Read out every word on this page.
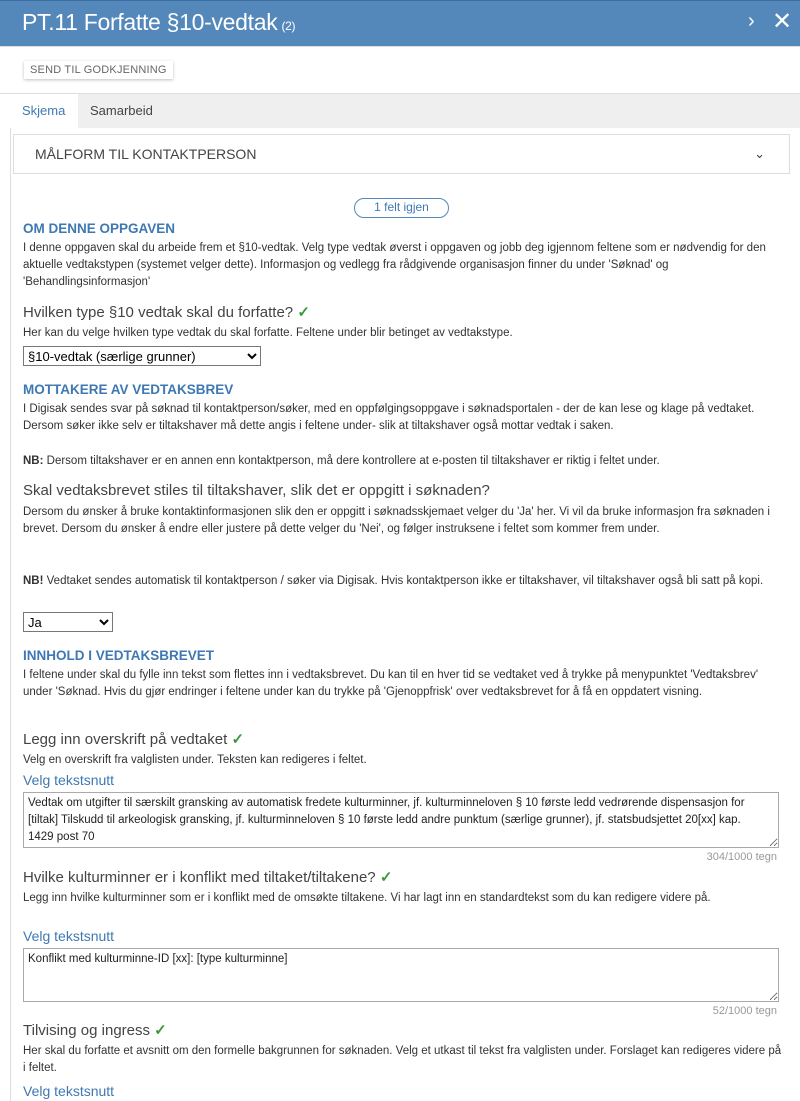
PT.11 Forfatte §10-vedtak (2)	› ✕
SEND TIL GODKJENNING
Skjema	Samarbeid
MÅLFORM TIL KONTAKTPERSON	⌄
1 felt igjen
OM DENNE OPPGAVEN
I denne oppgaven skal du arbeide frem et §10-vedtak. Velg type vedtak øverst i oppgaven og jobb deg igjennom feltene som er nødvendig for den aktuelle vedtakstypen (systemet velger dette). Informasjon og vedlegg fra rådgivende organisasjon finner du under 'Søknad' og 'Behandlingsinformasjon'
Hvilken type §10 vedtak skal du forfatte? ✓
Her kan du velge hvilken type vedtak du skal forfatte. Feltene under blir betinget av vedtakstype.
§10-vedtak (særlige grunner)
MOTTAKERE AV VEDTAKSBREV
I Digisak sendes svar på søknad til kontaktperson/søker, med en oppfølgingsoppgave i søknadsportalen - der de kan lese og klage på vedtaket. Dersom søker ikke selv er tiltakshaver må dette angis i feltene under- slik at tiltakshaver også mottar vedtak i saken.
NB: Dersom tiltakshaver er en annen enn kontaktperson, må dere kontrollere at e-posten til tiltakshaver er riktig i feltet under.
Skal vedtaksbrevet stiles til tiltakshaver, slik det er oppgitt i søknaden?
Dersom du ønsker å bruke kontaktinformasjonen slik den er oppgitt i søknadsskjemaet velger du 'Ja' her. Vi vil da bruke informasjon fra søknaden i brevet. Dersom du ønsker å endre eller justere på dette velger du 'Nei', og følger instruksene i feltet som kommer frem under.
NB! Vedtaket sendes automatisk til kontaktperson / søker via Digisak. Hvis kontaktperson ikke er tiltakshaver, vil tiltakshaver også bli satt på kopi.
Ja
INNHOLD I VEDTAKSBREVET
I feltene under skal du fylle inn tekst som flettes inn i vedtaksbrevet. Du kan til en hver tid se vedtaket ved å trykke på menypunktet 'Vedtaksbrev' under 'Søknad. Hvis du gjør endringer i feltene under kan du trykke på 'Gjenoppfrisk' over vedtaksbrevet for å få en oppdatert visning.
Legg inn overskrift på vedtaket ✓
Velg en overskrift fra valglisten under. Teksten kan redigeres i feltet.
Velg tekstsnutt
Vedtak om utgifter til særskilt gransking av automatisk fredete kulturminner, jf. kulturminneloven § 10 første ledd vedrørende dispensasjon for [tiltak] Tilskudd til arkeologisk gransking, jf. kulturminneloven § 10 første ledd andre punktum (særlige grunner), jf. statsbudsjettet 20[xx] kap. 1429 post 70
304/1000 tegn
Hvilke kulturminner er i konflikt med tiltaket/tiltakene? ✓
Legg inn hvilke kulturminner som er i konflikt med de omsøkte tiltakene. Vi har lagt inn en standardtekst som du kan redigere videre på.
Velg tekstsnutt
Konflikt med kulturminne-ID [xx]: [type kulturminne]
52/1000 tegn
Tilvising og ingress ✓
Her skal du forfatte et avsnitt om den formelle bakgrunnen for søknaden. Velg et utkast til tekst fra valglisten under. Forslaget kan redigeres videre på i feltet.
Velg tekstsnutt
